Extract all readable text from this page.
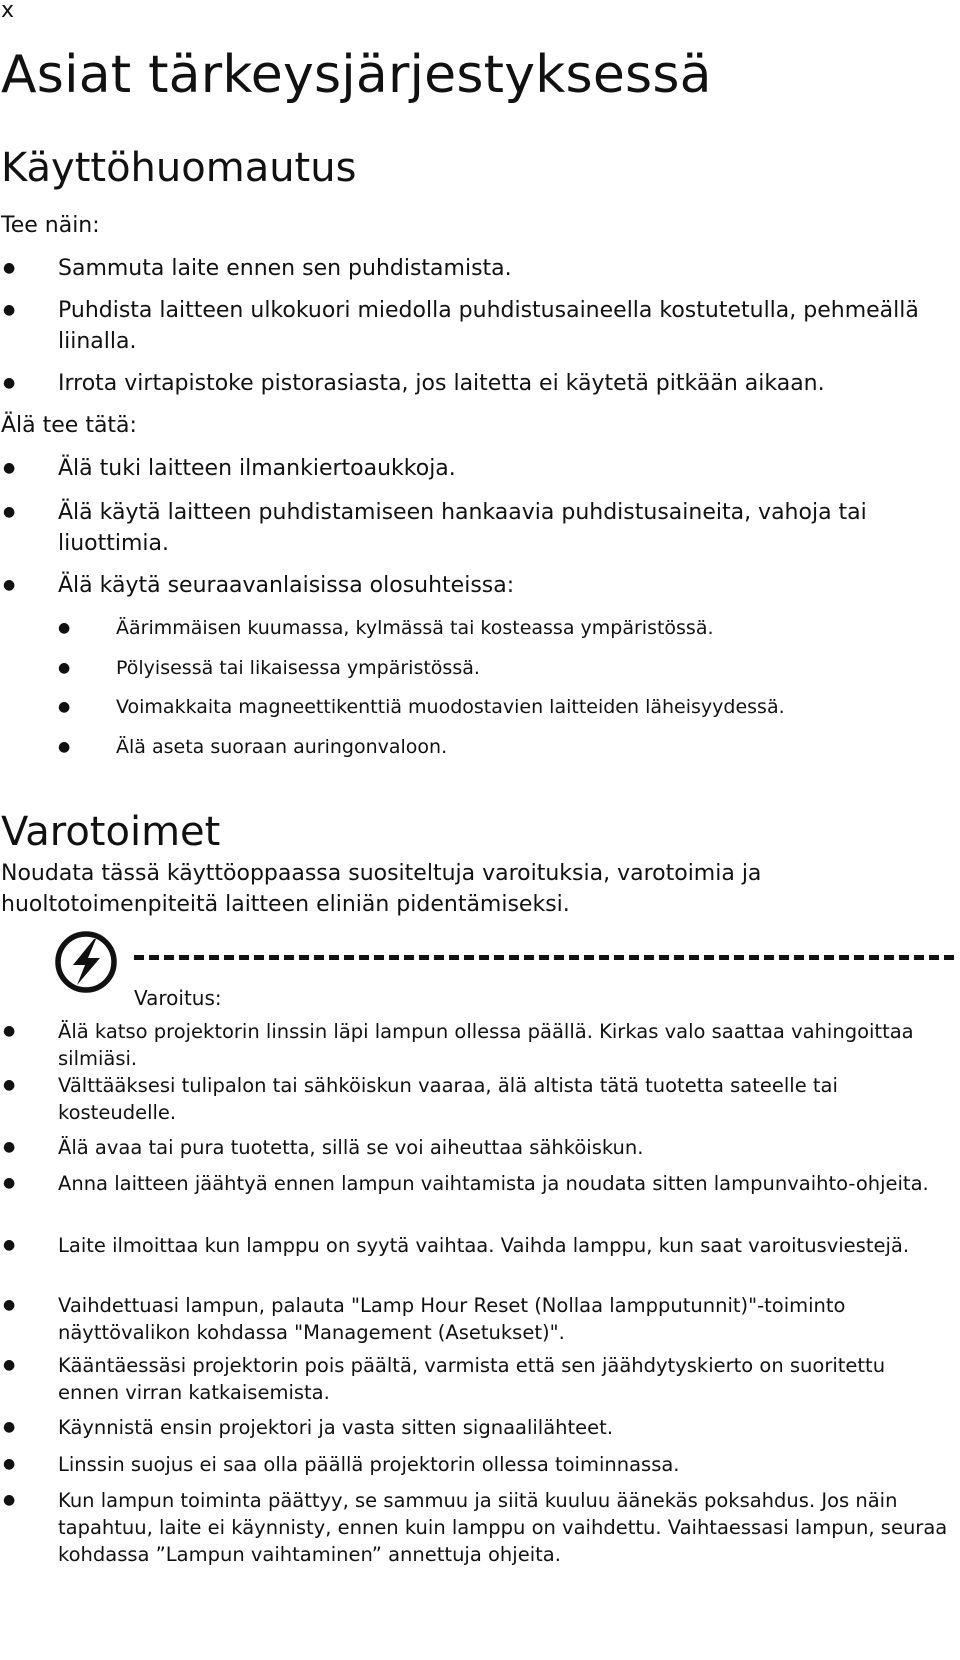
x
Asiat tärkeysjärjestyksessä
Käyttöhuomautus
Tee näin:
● Sammuta laite ennen sen puhdistamista.
● Puhdista laitteen ulkokuori miedolla puhdistusaineella kostutetulla, pehmeällä liinalla.
● Irrota virtapistoke pistorasiasta, jos laitetta ei käytetä pitkään aikaan.
Älä tee tätä:
● Älä tuki laitteen ilmankiertoaukkoja.
● Älä käytä laitteen puhdistamiseen hankaavia puhdistusaineita, vahoja tai liuottimia.
● Älä käytä seuraavanlaisissa olosuhteissa:
● Äärimmäisen kuumassa, kylmässä tai kosteassa ympäristössä.
● Pölyisessä tai likaisessa ympäristössä.
● Voimakkaita magneettikenttiä muodostavien laitteiden läheisyydessä.
● Älä aseta suoraan auringonvaloon.
Varotoimet
Noudata tässä käyttöoppaassa suositeltuja varoituksia, varotoimia ja huoltotoimenpiteitä laitteen eliniän pidentämiseksi.
Varoitus:
● Älä katso projektorin linssin läpi lampun ollessa päällä. Kirkas valo saattaa vahingoittaa silmiäsi.
● Välttääksesi tulipalon tai sähköiskun vaaraa, älä altista tätä tuotetta sateelle tai kosteudelle.
● Älä avaa tai pura tuotetta, sillä se voi aiheuttaa sähköiskun.
● Anna laitteen jäähtyä ennen lampun vaihtamista ja noudata sitten lampunvaihto-ohjeita.
● Laite ilmoittaa kun lamppu on syytä vaihtaa. Vaihda lamppu, kun saat varoitusviestejä.
● Vaihdettuasi lampun, palauta "Lamp Hour Reset (Nollaa lampputunnit)"-toiminto näyttövalikon kohdassa "Management (Asetukset)".
● Kääntäessäsi projektorin pois päältä, varmista että sen jäähdytyskierto on suoritettu ennen virran katkaisemista.
● Käynnistä ensin projektori ja vasta sitten signaalilähteet.
● Linssin suojus ei saa olla päällä projektorin ollessa toiminnassa.
● Kun lampun toiminta päättyy, se sammuu ja siitä kuuluu äänekäs poksahdus. Jos näin tapahtuu, laite ei käynnisty, ennen kuin lamppu on vaihdettu. Vaihtaessasi lampun, seuraa kohdassa ”Lampun vaihtaminen” annettuja ohjeita.
